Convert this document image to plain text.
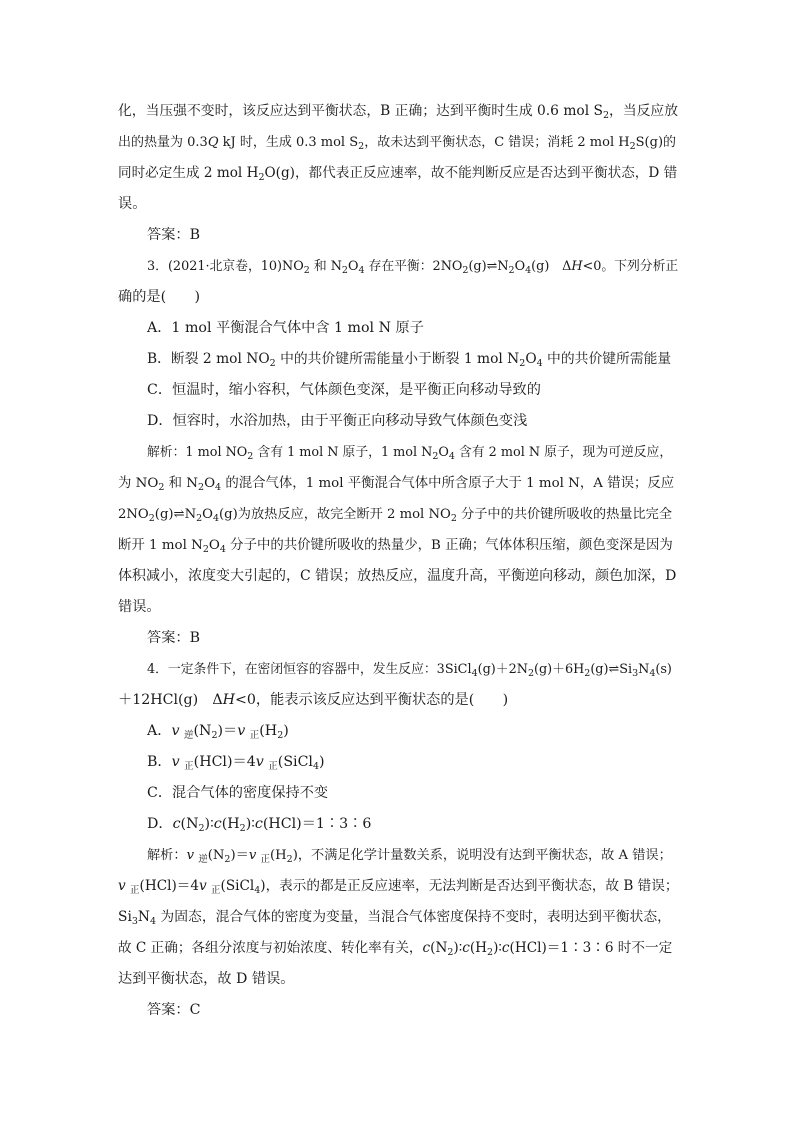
化，当压强不变时，该反应达到平衡状态，B 正确；达到平衡时生成 0.6 mol $S_2$，当反应放
出的热量为 0.3Q kJ 时，生成 0.3 mol $S_2$，故未达到平衡状态，C 错误；消耗 2 mol $H_2S(g)$的
同时必定生成 2 mol $H_2O(g)$，都代表正反应速率，故不能判断反应是否达到平衡状态，D 错
误。
答案：B
3．(2021·北京卷，$10)NO_2$ 和 $N_2O_4$ 存在平衡：$2NO_2(g)\rightleftharpoons N_2O_4(g)$　ΔH<0。下列分析正
确的是(　　)
A．1 mol 平衡混合气体中含 1 mol N 原子
B．断裂 2 mol $NO_2$ 中的共价键所需能量小于断裂 1 mol $N_2O_4$ 中的共价键所需能量
C．恒温时，缩小容积，气体颜色变深，是平衡正向移动导致的
D．恒容时，水浴加热，由于平衡正向移动导致气体颜色变浅
解析：1 mol $NO_2$ 含有 1 mol N 原子，1 mol $N_2O_4$ 含有 2 mol N 原子，现为可逆反应，
为 $NO_2$ 和 $N_2O_4$ 的混合气体，1 mol 平衡混合气体中所含原子大于 1 mol N，A 错误；反应
$2NO_2(g)\rightleftharpoons N_2O_4(g)$为放热反应，故完全断开 2 mol $NO_2$ 分子中的共价键所吸收的热量比完全
断开 1 mol $N_2O_4$ 分子中的共价键所吸收的热量少，B 正确；气体体积压缩，颜色变深是因为
体积减小，浓度变大引起的，C 错误；放热反应，温度升高，平衡逆向移动，颜色加深，D
错误。
答案：B
4．一定条件下，在密闭恒容的容器中，发生反应：$3SiCl_4(g)+2N_2(g)+6H_2(g)\rightleftharpoons Si_3N_4(s)$
＋12HCl(g)　ΔH<0，能表示该反应达到平衡状态的是(　　)
A．v $_逆(N_2)=v$ $_正(H_2)$
B．v $_正$(HCl)＝4v $_正$(SiCl$_4$)
C．混合气体的密度保持不变
D．$c(N_2)∶c(H_2)∶c(HCl)=1∶3∶6$
解析：v $_逆(N_2)=v$ $_正(H_2)$，不满足化学计量数关系，说明没有达到平衡状态，故 A 错误；
v $_正$(HCl)＝4v $_正$(SiCl$_4$)，表示的都是正反应速率，无法判断是否达到平衡状态，故 B 错误；
$Si_3N_4$ 为固态，混合气体的密度为变量，当混合气体密度保持不变时，表明达到平衡状态，
故 C 正确；各组分浓度与初始浓度、转化率有关，$c(N_2)∶c(H_2)∶c(HCl)=1∶3∶6$ 时不一定
达到平衡状态，故 D 错误。
答案：C
